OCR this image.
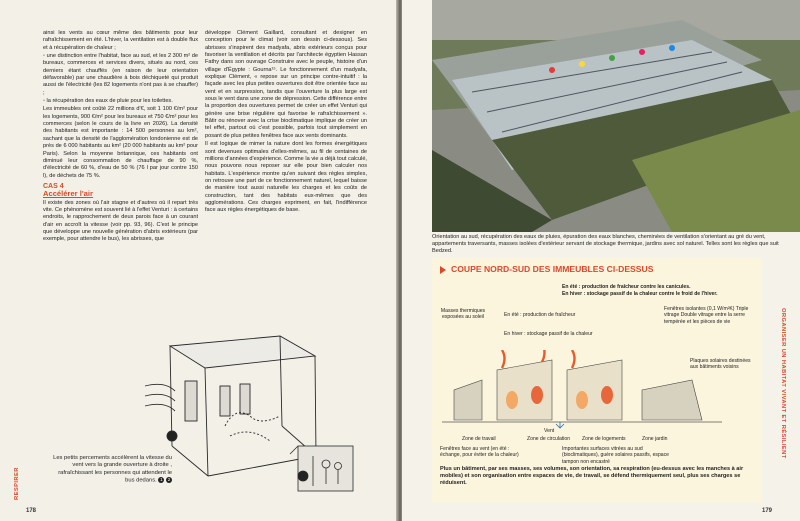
ainsi les vents au cœur même des bâtiments pour leur rafraîchissement en été. L'hiver, la ventilation est à double flux et à récupération de chaleur ;

◦ une distinction entre l'habitat, face au sud, et les 2 300 m² de bureaux, commerces et services divers, situés au nord, ces derniers étant chauffés (en raison de leur orientation défavorable) par une chaudière à bois déchiqueté qui produit aussi de l'électricité (les 82 logements n'ont pas à se chauffer) ;

◦ la récupération des eaux de pluie pour les toilettes.

Les immeubles ont coûté 22 millions d'€, soit 1 100 €/m² pour les logements, 900 €/m² pour les bureaux et 750 €/m² pour les commerces (selon le cours de la livre en 2026). La densité des habitants est importante : 14 500 personnes au km², sachant que la densité de l'agglomération londonienne est de près de 6 000 habitants au km² (20 000 habitants au km² pour Paris). Selon la moyenne britannique, ces habitants ont diminué leur consommation de chauffage de 90 %, d'électricité de 60 %, d'eau de 50 % (76 l par jour contre 150 l), de déchets de 75 %.

CAS 4
Accélérer l'air

Il existe des zones où l'air stagne et d'autres où il repart très vite. Ce phénomène est souvent lié à l'effet Venturi : à certains endroits, le rapprochement de deux parois face à un courant d'air en accroît la vitesse (voir pp. 93, 96). C'est le principe que développe une nouvelle génération d'abris extérieurs (par exemple, pour attendre le bus), les abrisses, que

développe Clément Gaillard, consultant et designer en conception pour le climat (voir son dessin ci-dessous). Ses abrisses s'inspirent des madyafa, abris extérieurs conçus pour favoriser la ventilation et décrits par l'architecte égyptien Hassan Fathy dans son ouvrage Construire avec le peuple, histoire d'un village d'Égypte : Gourna¹⁵. Le fonctionnement d'un madyafa, explique Clément, « repose sur un principe contre-intuitif : la façade avec les plus petites ouvertures doit être orientée face au vent et en surpression, tandis que l'ouverture la plus large est sous le vent dans une zone de dépression. Cette différence entre la proportion des ouvertures permet de créer un effet Venturi qui génère une brise régulière qui favorise le rafraîchissement ». Bâtir ou rénover avec la crise bioclimatique implique de créer un tel effet, partout où c'est possible, parfois tout simplement en posant de plus petites fenêtres face aux vents dominants.

Il est logique de mimer la nature dont les formes énergétiques sont devenues optimales d'elles-mêmes, au fil de centaines de millions d'années d'expérience. Comme la vie a déjà tout calculé, nous pouvons nous reposer sur elle pour bien calculer nos habitats. L'expérience montre qu'en suivant des règles simples, on retrouve une part de ce fonctionnement naturel, lequel baisse de manière tout aussi naturelle les charges et les coûts de construction, tant des habitats eux-mêmes que des agglomérations. Ces charges expriment, en fait, l'indifférence face aux règles énergétiques de base.

Les petits percements accélèrent la vitesse du vent vers la grande ouverture à droite , rafraîchissant les personnes qui attendent le bus dedans. 1 2
RESPIRER
178
Orientation au sud, récupération des eaux de pluies, épuration des eaux blanches, cheminées de ventilation s'orientant au gré du vent, appartements traversants, masses isolées d'extérieur servant de stockage thermique, jardins avec sol naturel. Telles sont les règles que suit Bedzed.
COUPE NORD-SUD DES IMMEUBLES CI-DESSUS
En été : production de fraîcheur contre les canicules.
En hiver : stockage passif de la chaleur contre le froid de l'hiver.
Masses thermiques exposées au soleil	En été : production de fraîcheur
En hiver : stockage passif de la chaleur
Fenêtres isolantes (0,1 W/m²K) Triple vitrage Double vitrage entre la serre tempérée et les pièces de vie
Plaques solaires destinées aux bâtiments voisins
Vent
Zone de travail	Zone de circulation	Zone de logements	Zone jardin
Fenêtres face au vent (en été : échange, pour éviter de la chaleur)
Importantes surfaces vitrées au sud (bioclimatiques), guère solaires passifs, espace tampon non encastré
Plus un bâtiment, par ses masses, ses volumes, son orientation, sa respiration (eu-dessus avec les manches à air mobiles) et son organisation entre espaces de vie, de travail, se défend thermiquement seul, plus ses charges se réduisent.
ORGANISER UN HABITAT VIVANT ET RÉSILIENT
179
